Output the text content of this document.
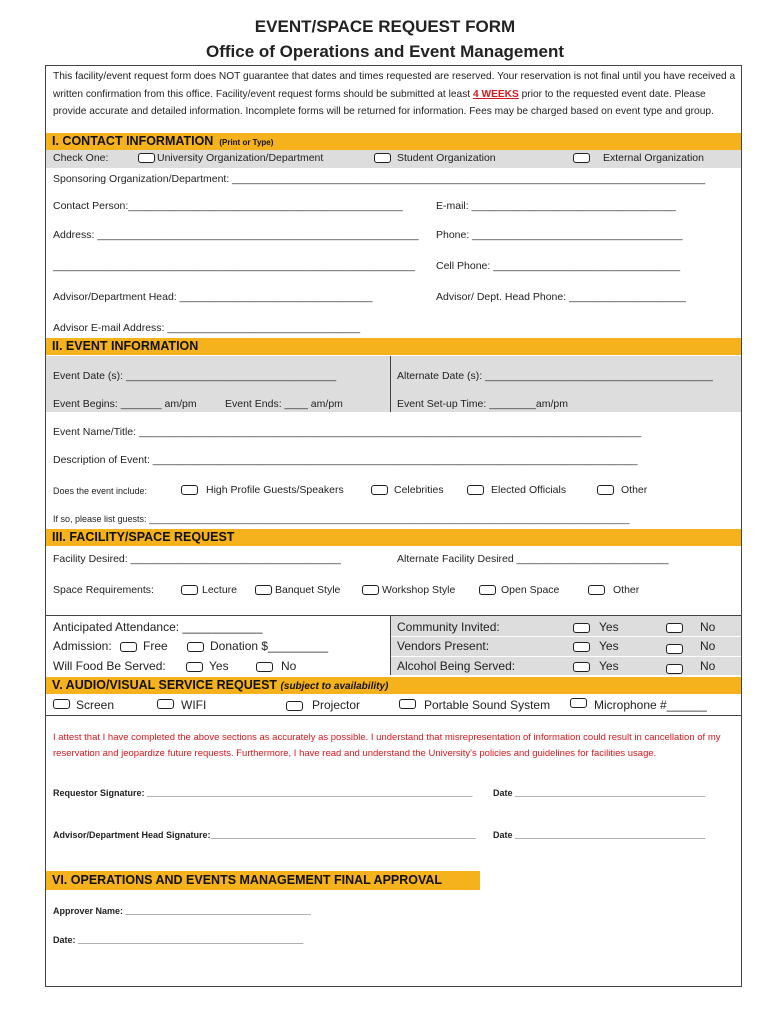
EVENT/SPACE REQUEST FORM
Office of Operations and Event Management
This facility/event request form does NOT guarantee that dates and times requested are reserved. Your reservation is not final until you have received a written confirmation from this office. Facility/event request forms should be submitted at least 4 WEEKS prior to the requested event date. Please provide accurate and detailed information. Incomplete forms will be returned for information. Fees may be charged based on event type and group.
I. CONTACT INFORMATION (Print or Type)
Check One:	University Organization/Department	Student Organization	External Organization
Sponsoring Organization/Department: _________________________________________________________________________________
Contact Person:_______________________________________________	E-mail: ___________________________________
Address: _______________________________________________________ Phone: ____________________________________
______________________________________________________________ Cell Phone: ________________________________
Advisor/Department Head: _________________________________	Advisor/ Dept. Head Phone: ____________________
Advisor E-mail Address: _________________________________
II. EVENT INFORMATION
Event Date (s): ____________________________________	Alternate Date (s): _______________________________________
Event Begins: _______ am/pm	Event Ends: ____ am/pm	Event Set-up Time: ________am/pm
Event Name/Title: ______________________________________________________________________________________
Description of Event: ___________________________________________________________________________________
Does the event include:	High Profile Guests/Speakers	Celebrities	Elected Officials	Other
If so, please list guests: ________________________________________________________________________________________________
III. FACILITY/SPACE REQUEST
Facility Desired: ____________________________________	Alternate Facility Desired __________________________
Space Requirements:	Lecture	Banquet Style	Workshop Style	Open Space	Other
Anticipated Attendance: ____________
Admission:	Free	Donation $_________
Will Food Be Served:	Yes	No
Community Invited:	Yes	No
Vendors Present:	Yes	No
Alcohol Being Served:	Yes	No
V. AUDIO/VISUAL SERVICE REQUEST (subject to availability)
Screen	WIFI	Projector	Portable Sound System	Microphone #______
I attest that I have completed the above sections as accurately as possible. I understand that misrepresentation of information could result in cancellation of my reservation and jeopardize future requests. Furthermore, I have read and understand the University's policies and guidelines for facilities usage.
Requestor Signature: _________________________________________________________________ Date ______________________________________
Advisor/Department Head Signature:_____________________________________________________ Date ______________________________________
VI. OPERATIONS AND EVENTS MANAGEMENT FINAL APPROVAL
Approver Name: _____________________________________
Date: _____________________________________________
